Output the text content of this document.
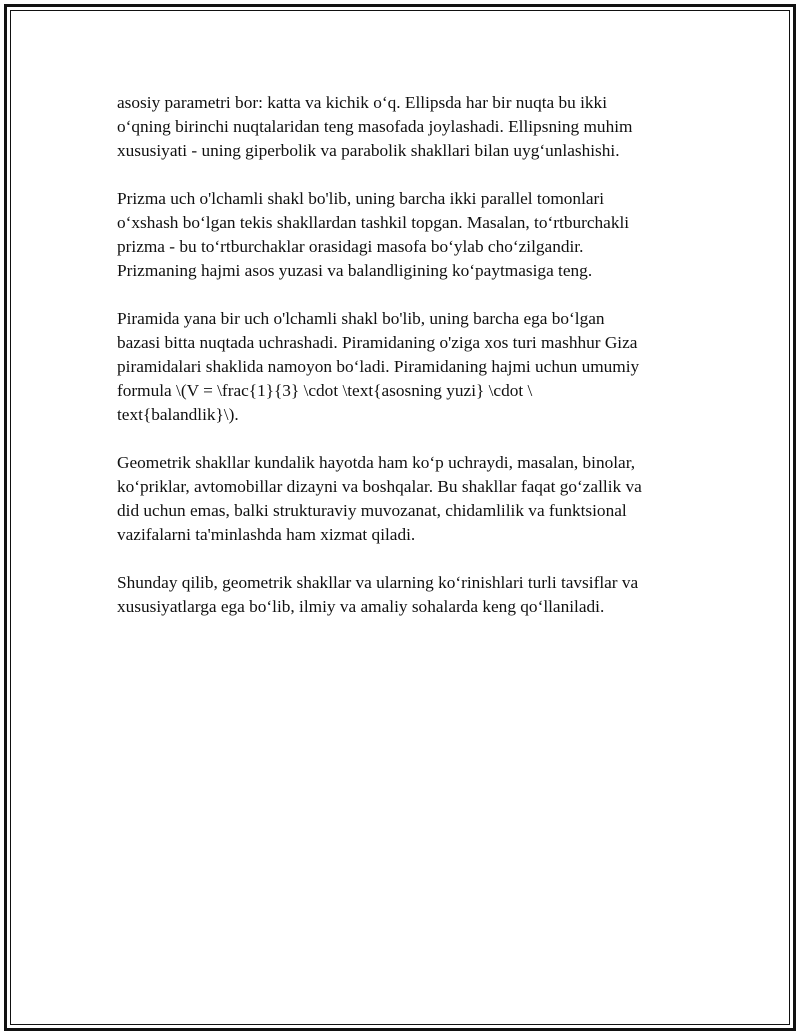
asosiy parametri bor: katta va kichik oʻq. Ellipsda har bir nuqta bu ikki
oʻqning birinchi nuqtalaridan teng masofada joylashadi. Ellipsning muhim
xususiyati - uning giperbolik va parabolik shakllari bilan uygʻunlashishi.

Prizma uch o'lchamli shakl bo'lib, uning barcha ikki parallel tomonlari
oʻxshash boʻlgan tekis shakllardan tashkil topgan. Masalan, toʻrtburchakli
prizma - bu toʻrtburchaklar orasidagi masofa boʻylab choʻzilgandir.
Prizmaning hajmi asos yuzasi va balandligining koʻpaytmasiga teng.

Piramida yana bir uch o'lchamli shakl bo'lib, uning barcha ega boʻlgan
bazasi bitta nuqtada uchrashadi. Piramidaning o'ziga xos turi mashhur Giza
piramidalari shaklida namoyon boʻladi. Piramidaning hajmi uchun umumiy
formula \(V = \frac{1}{3} \cdot \text{asosning yuzi} \cdot \
text{balandlik}\).

Geometrik shakllar kundalik hayotda ham koʻp uchraydi, masalan, binolar,
koʻpriklar, avtomobillar dizayni va boshqalar. Bu shakllar faqat goʻzallik va
did uchun emas, balki strukturaviy muvozanat, chidamlilik va funktsional
vazifalarni ta'minlashda ham xizmat qiladi.

Shunday qilib, geometrik shakllar va ularning koʻrinishlari turli tavsiflar va
xususiyatlarga ega boʻlib, ilmiy va amaliy sohalarda keng qoʻllaniladi.
